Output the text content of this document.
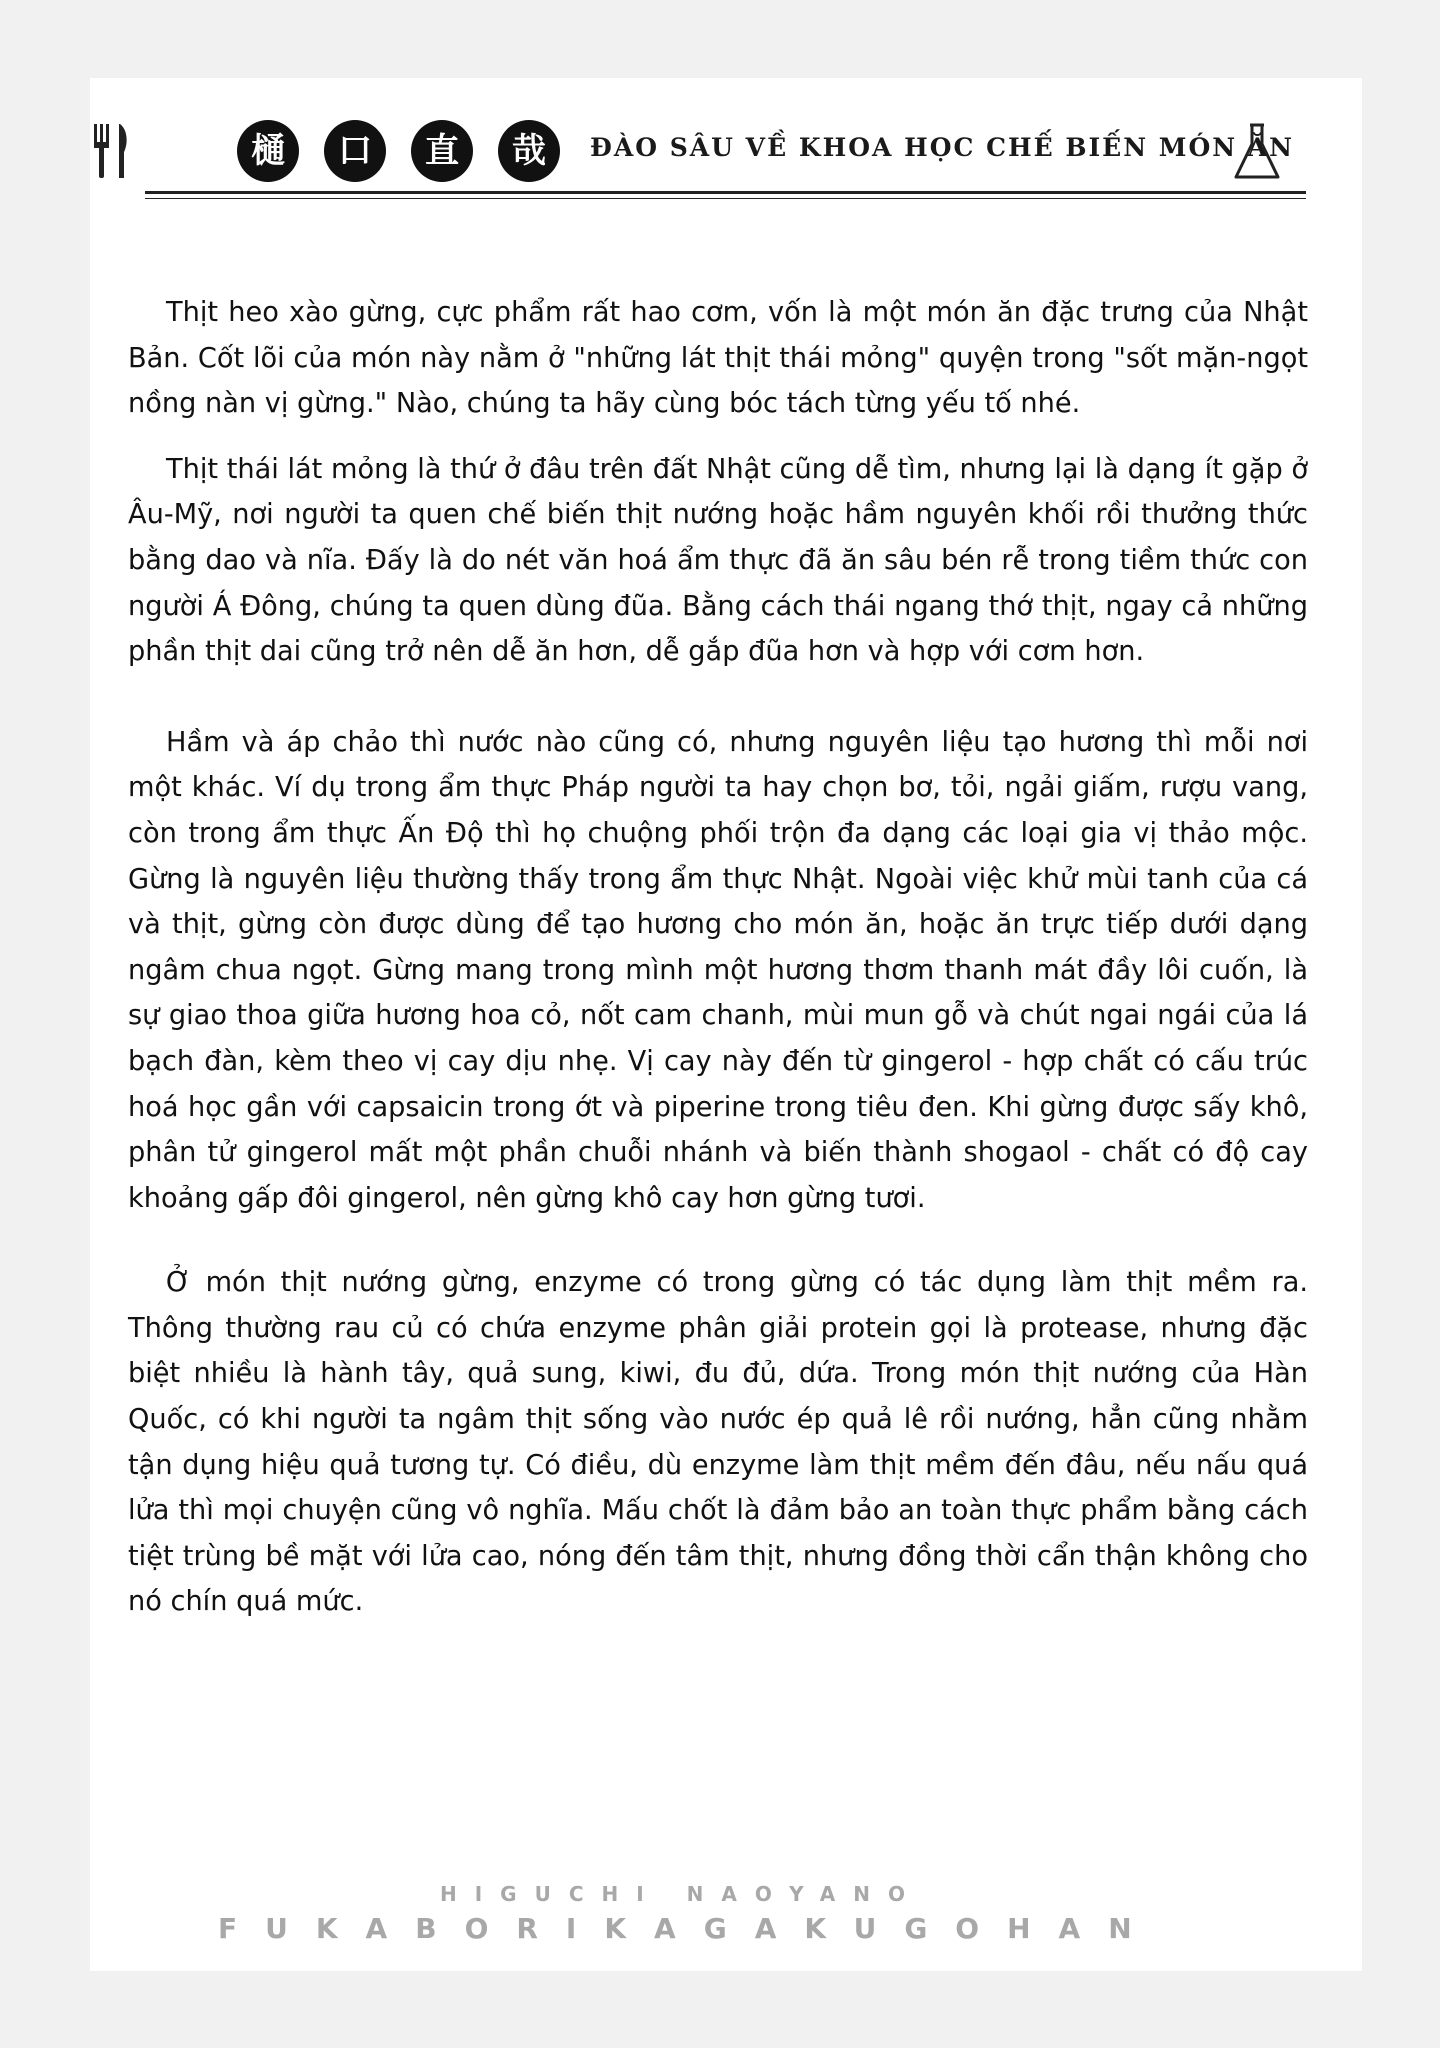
樋	口	直	哉	ĐÀO SÂU VỀ KHOA HỌC CHẾ BIẾN MÓN ĂN

Thịt heo xào gừng, cực phẩm rất hao cơm, vốn là một món ăn đặc trưng của Nhật Bản. Cốt lõi của món này nằm ở "những lát thịt thái mỏng" quyện trong "sốt mặn-ngọt nồng nàn vị gừng." Nào, chúng ta hãy cùng bóc tách từng yếu tố nhé.

Thịt thái lát mỏng là thứ ở đâu trên đất Nhật cũng dễ tìm, nhưng lại là dạng ít gặp ở Âu-Mỹ, nơi người ta quen chế biến thịt nướng hoặc hầm nguyên khối rồi thưởng thức bằng dao và nĩa. Đấy là do nét văn hoá ẩm thực đã ăn sâu bén rễ trong tiềm thức con người Á Đông, chúng ta quen dùng đũa. Bằng cách thái ngang thớ thịt, ngay cả những phần thịt dai cũng trở nên dễ ăn hơn, dễ gắp đũa hơn và hợp với cơm hơn.

Hầm và áp chảo thì nước nào cũng có, nhưng nguyên liệu tạo hương thì mỗi nơi một khác. Ví dụ trong ẩm thực Pháp người ta hay chọn bơ, tỏi, ngải giấm, rượu vang, còn trong ẩm thực Ấn Độ thì họ chuộng phối trộn đa dạng các loại gia vị thảo mộc. Gừng là nguyên liệu thường thấy trong ẩm thực Nhật. Ngoài việc khử mùi tanh của cá và thịt, gừng còn được dùng để tạo hương cho món ăn, hoặc ăn trực tiếp dưới dạng ngâm chua ngọt. Gừng mang trong mình một hương thơm thanh mát đầy lôi cuốn, là sự giao thoa giữa hương hoa cỏ, nốt cam chanh, mùi mun gỗ và chút ngai ngái của lá bạch đàn, kèm theo vị cay dịu nhẹ. Vị cay này đến từ gingerol - hợp chất có cấu trúc hoá học gần với capsaicin trong ớt và piperine trong tiêu đen. Khi gừng được sấy khô, phân tử gingerol mất một phần chuỗi nhánh và biến thành shogaol - chất có độ cay khoảng gấp đôi gingerol, nên gừng khô cay hơn gừng tươi.

Ở món thịt nướng gừng, enzyme có trong gừng có tác dụng làm thịt mềm ra. Thông thường rau củ có chứa enzyme phân giải protein gọi là protease, nhưng đặc biệt nhiều là hành tây, quả sung, kiwi, đu đủ, dứa. Trong món thịt nướng của Hàn Quốc, có khi người ta ngâm thịt sống vào nước ép quả lê rồi nướng, hẳn cũng nhằm tận dụng hiệu quả tương tự. Có điều, dù enzyme làm thịt mềm đến đâu, nếu nấu quá lửa thì mọi chuyện cũng vô nghĩa. Mấu chốt là đảm bảo an toàn thực phẩm bằng cách tiệt trùng bề mặt với lửa cao, nóng đến tâm thịt, nhưng đồng thời cẩn thận không cho nó chín quá mức.

HIGUCHI NAOYANO
FUKABORIKAGAKUGOHAN
